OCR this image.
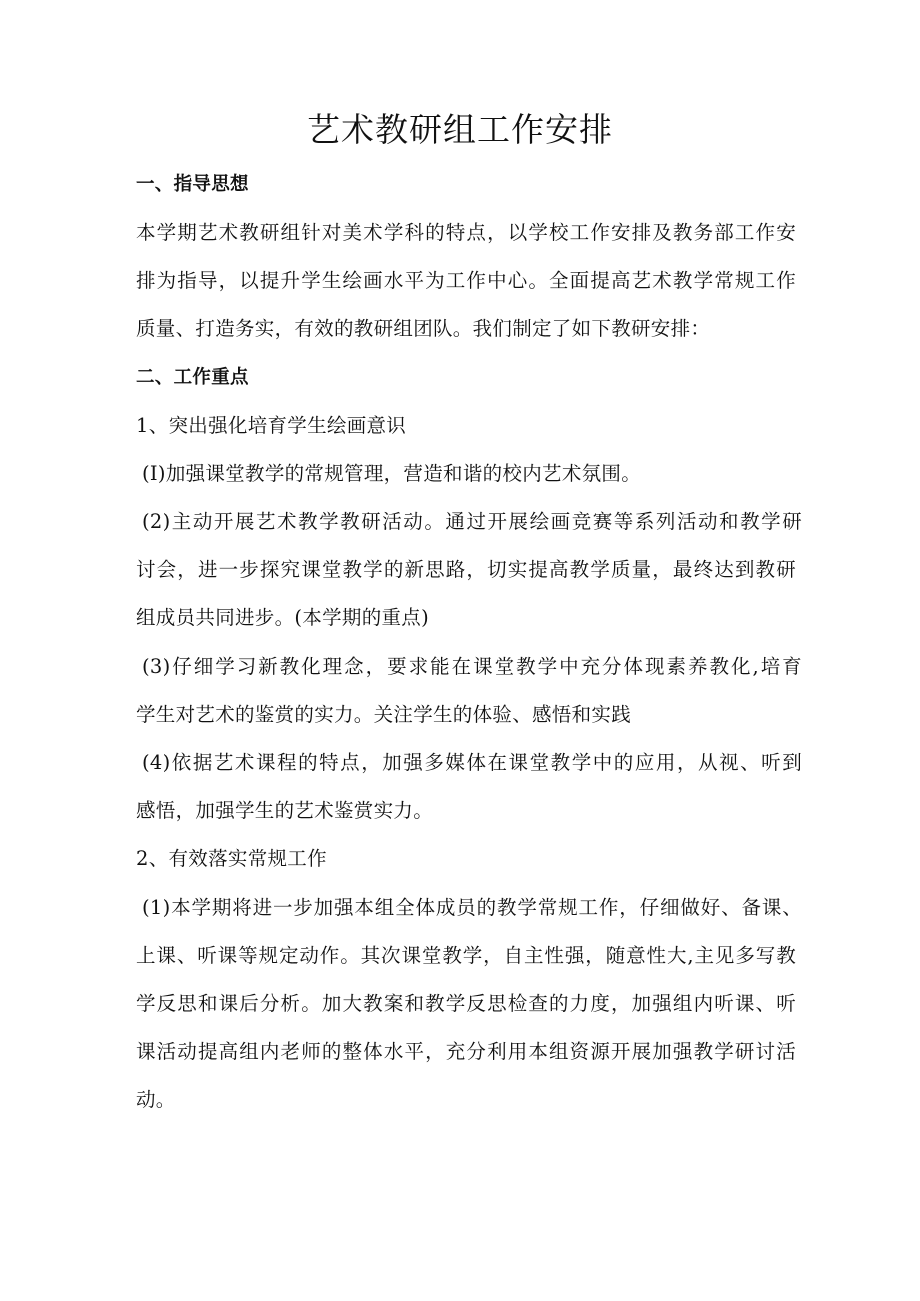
艺术教研组工作安排

一、指导思想

本学期艺术教研组针对美术学科的特点，以学校工作安排及教务部工作安

排为指导，以提升学生绘画水平为工作中心。全面提高艺术教学常规工作

质量、打造务实，有效的教研组团队。我们制定了如下教研安排：

二、工作重点

1、突出强化培育学生绘画意识

(I)加强课堂教学的常规管理，营造和谐的校内艺术氛围。

(2)主动开展艺术教学教研活动。通过开展绘画竞赛等系列活动和教学研

讨会，进一步探究课堂教学的新思路，切实提高教学质量，最终达到教研

组成员共同进步。(本学期的重点)

(3)仔细学习新教化理念，要求能在课堂教学中充分体现素养教化,培育

学生对艺术的鉴赏的实力。关注学生的体验、感悟和实践

(4)依据艺术课程的特点，加强多媒体在课堂教学中的应用，从视、听到

感悟，加强学生的艺术鉴赏实力。

2、有效落实常规工作

(1)本学期将进一步加强本组全体成员的教学常规工作，仔细做好、备课、

上课、听课等规定动作。其次课堂教学，自主性强，随意性大,主见多写教

学反思和课后分析。加大教案和教学反思检查的力度，加强组内听课、听

课活动提高组内老师的整体水平，充分利用本组资源开展加强教学研讨活

动。
